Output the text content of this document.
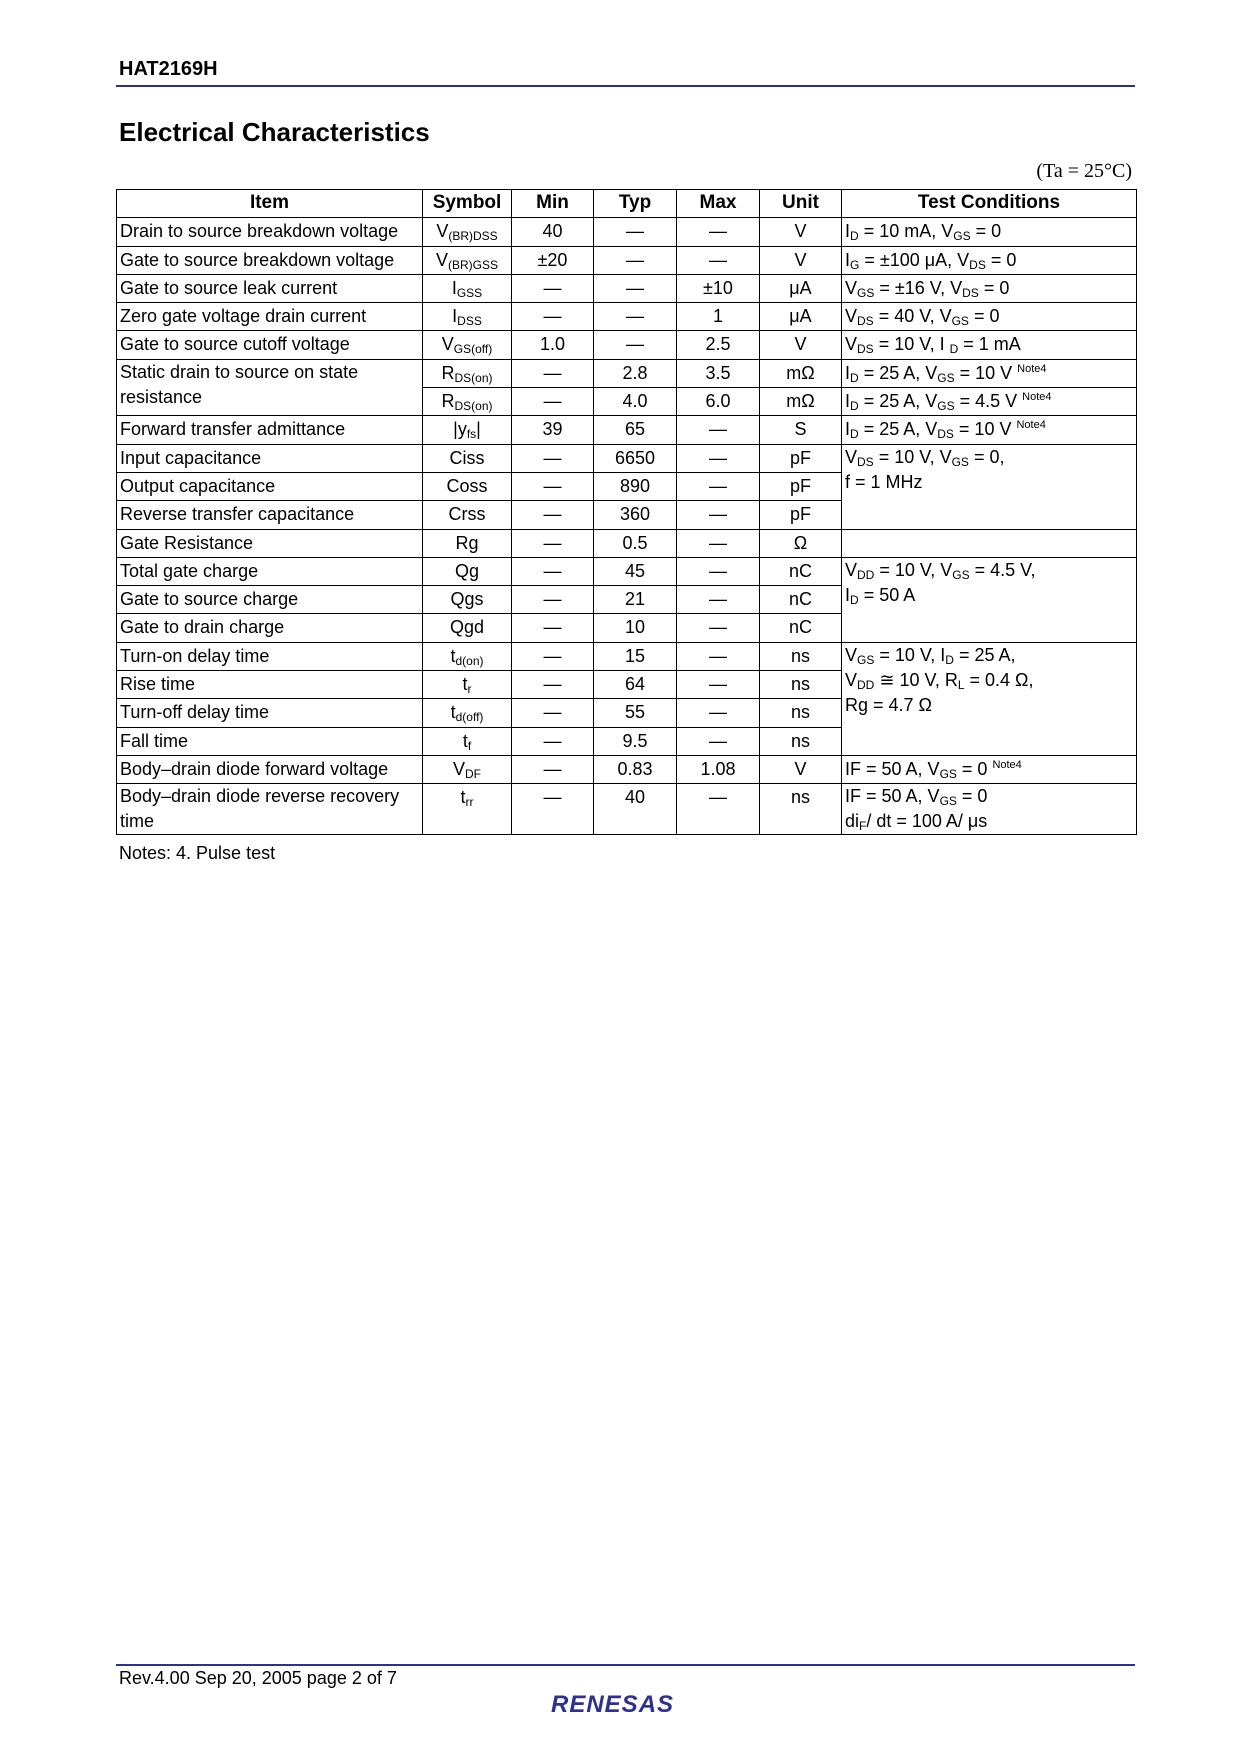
HAT2169H
Electrical Characteristics
(Ta = 25°C)
Item	Symbol	Min	Typ	Max	Unit	Test Conditions
Drain to source breakdown voltage	$V_{(BR)DSS}$	40	—	—	V	$I_D = 10$ mA, $V_{GS} = 0$
Gate to source breakdown voltage	$V_{(BR)GSS}$	±20	—	—	V	$I_G = \pm 100$ μA, $V_{DS} = 0$
Gate to source leak current	$I_{GSS}$	—	—	±10	μA	$V_{GS} = \pm 16$ V, $V_{DS} = 0$
Zero gate voltage drain current	$I_{DSS}$	—	—	1	μA	$V_{DS} = 40$ V, $V_{GS} = 0$
Gate to source cutoff voltage	$V_{GS(off)}$	1.0	—	2.5	V	$V_{DS} = 10$ V, I $_D$ = 1 mA
Static drain to source on state resistance	$R_{DS(on)}$	—	2.8	3.5	mΩ	$I_D = 25$ A, $V_{GS} = 10$ V $^{Note4}$
	$R_{DS(on)}$	—	4.0	6.0	mΩ	$I_D = 25$ A, $V_{GS} = 4.5$ V $^{Note4}$
Forward transfer admittance	$|y_{fs}|$	39	65	—	S	$I_D = 25$ A, $V_{DS} = 10$ V $^{Note4}$
Input capacitance	Ciss	—	6650	—	pF	$V_{DS} = 10$ V, $V_{GS} = 0$,
f = 1 MHz

Output capacitance	Coss	—	890	—	pF	
Reverse transfer capacitance	Crss	—	360	—	pF	
Gate Resistance	Rg	—	0.5	—	Ω	
Total gate charge	Qg	—	45	—	nC	$V_{DD} = 10$ V, $V_{GS} = 4.5$ V,
$I_D = 50$ A

Gate to source charge	Qgs	—	21	—	nC	
Gate to drain charge	Qgd	—	10	—	nC	
Turn-on delay time	$t_{d(on)}$	—	15	—	ns	$V_{GS} = 10$ V, $I_D = 25$ A,
$V_{DD}$ ≅ 10 V, $R_L = 0.4$ Ω,
Rg = 4.7 Ω

Rise time	$t_r$	—	64	—	ns	
Turn-off delay time	$t_{d(off)}$	—	55	—	ns	
Fall time	$t_f$	—	9.5	—	ns	
Body–drain diode forward voltage	$V_{DF}$	—	0.83	1.08	V	IF = 50 A, $V_{GS} = 0$ $^{Note4}$
Body–drain diode reverse recovery time	$t_{rr}$	—	40	—	ns	IF = 50 A, $V_{GS} = 0$
$di_F/$ dt = 100 A/ μs
Notes: 4. Pulse test
Rev.4.00 Sep 20, 2005 page 2 of 7
RENESAS
